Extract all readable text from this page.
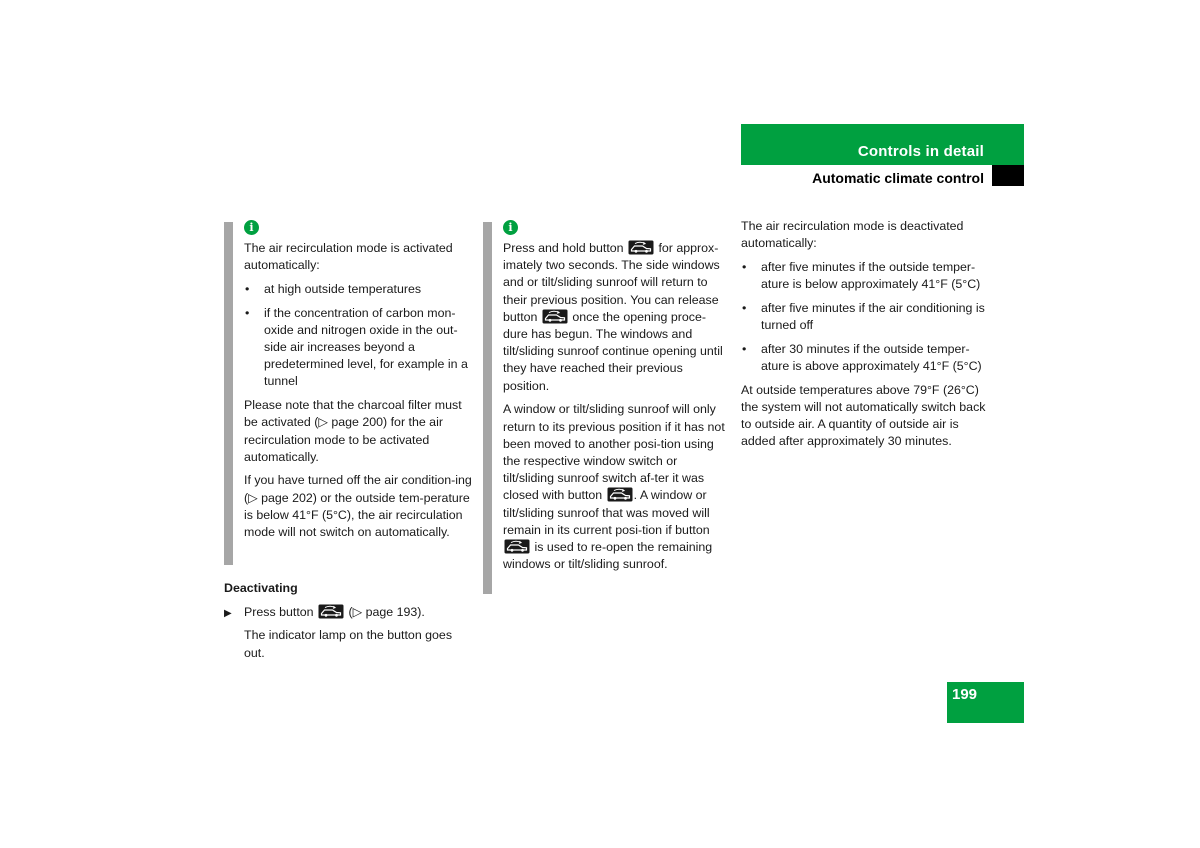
Controls in detail
Automatic climate control
i

The air recirculation mode is activated automatically:

• at high outside temperatures
• if the concentration of carbon mon-oxide and nitrogen oxide in the out-side air increases beyond a predetermined level, for example in a tunnel

Please note that the charcoal filter must be activated (▷ page 200) for the air recirculation mode to be activated automatically.

If you have turned off the air condition-ing (▷ page 202) or the outside tem-perature is below 41°F (5°C), the air recirculation mode will not switch on automatically.

Deactivating

▶ Press button	(▷ page 193).

The indicator lamp on the button goes out.

i

Press and hold button	for approx-imately two seconds. The side windows and or tilt/sliding sunroof will return to their previous position. You can release button	once the opening proce-dure has begun. The windows and tilt/sliding sunroof continue opening until they have reached their previous position.

A window or tilt/sliding sunroof will only return to its previous position if it has not been moved to another posi-tion using the respective window switch or tilt/sliding sunroof switch af-ter it was closed with button	. A window or tilt/sliding sunroof that was moved will remain in its current posi-tion if button  is used to re-open the remaining windows or tilt/sliding sunroof.

The air recirculation mode is deactivated automatically:

• after five minutes if the outside temper-ature is below approximately 41°F (5°C)
• after five minutes if the air conditioning is turned off
• after 30 minutes if the outside temper-ature is above approximately 41°F (5°C)

At outside temperatures above 79°F (26°C) the system will not automatically switch back to outside air. A quantity of outside air is added after approximately 30 minutes.

199
